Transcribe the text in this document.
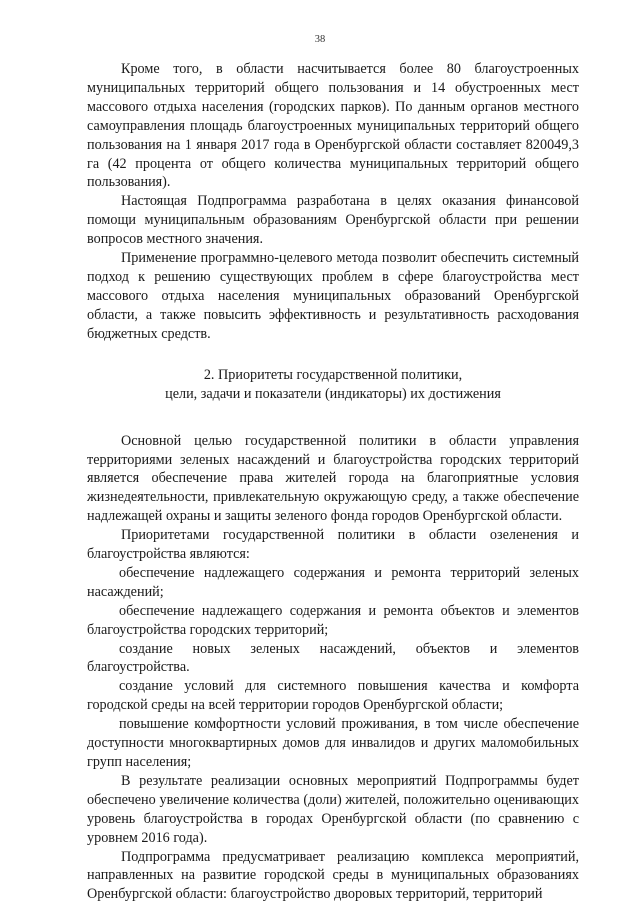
38

Кроме того, в области насчитывается более 80 благоустроенных муниципальных территорий общего пользования и 14 обустроенных мест массового отдыха населения (городских парков). По данным органов местного самоуправления площадь благоустроенных муниципальных территорий общего пользования на 1 января 2017 года в Оренбургской области составляет 820049,3 га (42 процента от общего количества муниципальных территорий общего пользования).

Настоящая Подпрограмма разработана в целях оказания финансовой помощи муниципальным образованиям Оренбургской области при решении вопросов местного значения.

Применение программно-целевого метода позволит обеспечить системный подход к решению существующих проблем в сфере благоустройства мест массового отдыха населения муниципальных образований Оренбургской области, а также повысить эффективность и результативность расходования бюджетных средств.

2. Приоритеты государственной политики,
цели, задачи и показатели (индикаторы) их достижения

Основной целью государственной политики в области управления территориями зеленых насаждений и благоустройства городских территорий является обеспечение права жителей города на благоприятные условия жизнедеятельности, привлекательную окружающую среду, а также обеспечение надлежащей охраны и защиты зеленого фонда городов Оренбургской области.

Приоритетами государственной политики в области озеленения и благоустройства являются:

обеспечение надлежащего содержания и ремонта территорий зеленых насаждений;

обеспечение надлежащего содержания и ремонта объектов и элементов благоустройства городских территорий;

создание новых зеленых насаждений, объектов и элементов благоустройства.

создание условий для системного повышения качества и комфорта городской среды на всей территории городов Оренбургской области;

повышение комфортности условий проживания, в том числе обеспечение доступности многоквартирных домов для инвалидов и других маломобильных групп населения;

В результате реализации основных мероприятий Подпрограммы будет обеспечено увеличение количества (доли) жителей, положительно оценивающих уровень благоустройства в городах Оренбургской области (по сравнению с уровнем 2016 года).

Подпрограмма предусматривает реализацию комплекса мероприятий, направленных на развитие городской среды в муниципальных образованиях Оренбургской области: благоустройство дворовых территорий, территорий
